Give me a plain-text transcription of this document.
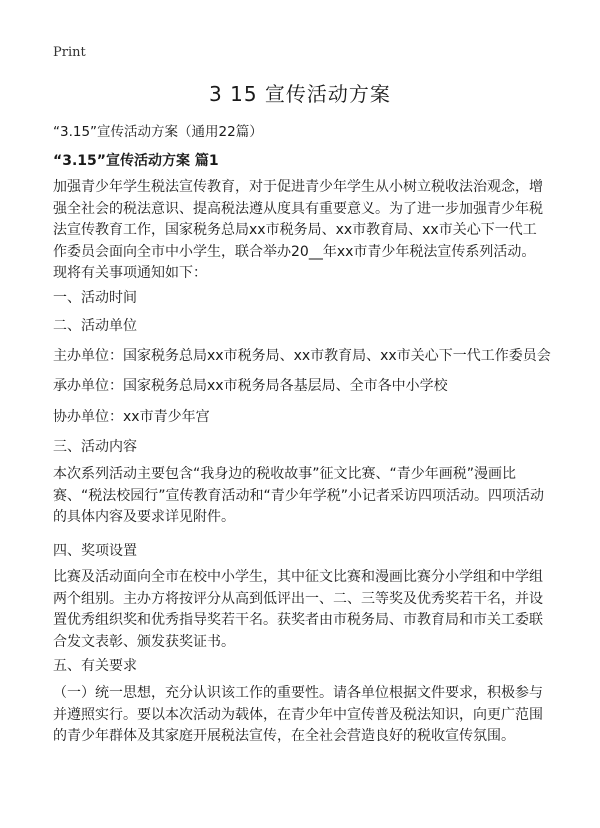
Print
3 15 宣传活动方案
“3.15”宣传活动方案（通用22篇）
“3.15”宣传活动方案 篇1

加强青少年学生税法宣传教育，对于促进青少年学生从小树立税收法治观念，增强全社会的税法意识、提高税法遵从度具有重要意义。为了进一步加强青少年税法宣传教育工作，国家税务总局xx市税务局、xx市教育局、xx市关心下一代工作委员会面向全市中小学生，联合举办20__年xx市青少年税法宣传系列活动。现将有关事项通知如下：

一、活动时间

二、活动单位

主办单位：国家税务总局xx市税务局、xx市教育局、xx市关心下一代工作委员会

承办单位：国家税务总局xx市税务局各基层局、全市各中小学校

协办单位：xx市青少年宫

三、活动内容

本次系列活动主要包含“我身边的税收故事”征文比赛、“青少年画税”漫画比赛、“税法校园行”宣传教育活动和“青少年学税”小记者采访四项活动。四项活动的具体内容及要求详见附件。

四、奖项设置

比赛及活动面向全市在校中小学生，其中征文比赛和漫画比赛分小学组和中学组两个组别。主办方将按评分从高到低评出一、二、三等奖及优秀奖若干名，并设置优秀组织奖和优秀指导奖若干名。获奖者由市税务局、市教育局和市关工委联合发文表彰、颁发获奖证书。

五、有关要求

（一）统一思想，充分认识该工作的重要性。请各单位根据文件要求，积极参与并遵照实行。要以本次活动为载体，在青少年中宣传普及税法知识，向更广范围的青少年群体及其家庭开展税法宣传，在全社会营造良好的税收宣传氛围。
